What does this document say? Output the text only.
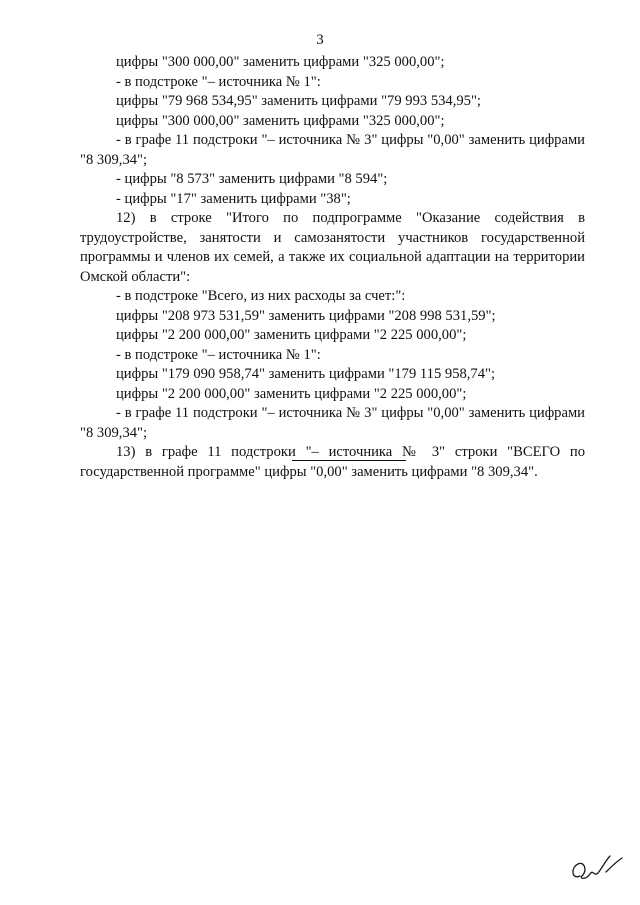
3

цифры "300 000,00" заменить цифрами "325 000,00";

- в подстроке "– источника № 1":

цифры "79 968 534,95" заменить цифрами "79 993 534,95";

цифры "300 000,00" заменить цифрами "325 000,00";

- в графе 11 подстроки "– источника № 3" цифры "0,00" заменить цифрами "8 309,34";

- цифры "8 573" заменить цифрами "8 594";

- цифры "17" заменить цифрами "38";

12) в строке "Итого по подпрограмме "Оказание содействия в трудоустройстве, занятости и самозанятости участников государственной программы и членов их семей, а также их социальной адаптации на территории Омской области":

- в подстроке "Всего, из них расходы за счет:":

цифры "208 973 531,59" заменить цифрами "208 998 531,59";

цифры "2 200 000,00" заменить цифрами "2 225 000,00";

- в подстроке "– источника № 1":

цифры "179 090 958,74" заменить цифрами "179 115 958,74";

цифры "2 200 000,00" заменить цифрами "2 225 000,00";

- в графе 11 подстроки "– источника № 3" цифры "0,00" заменить цифрами "8 309,34";

13) в графе 11 подстроки "– источника № 3" строки "ВСЕГО по государственной программе" цифры "0,00" заменить цифрами "8 309,34".
